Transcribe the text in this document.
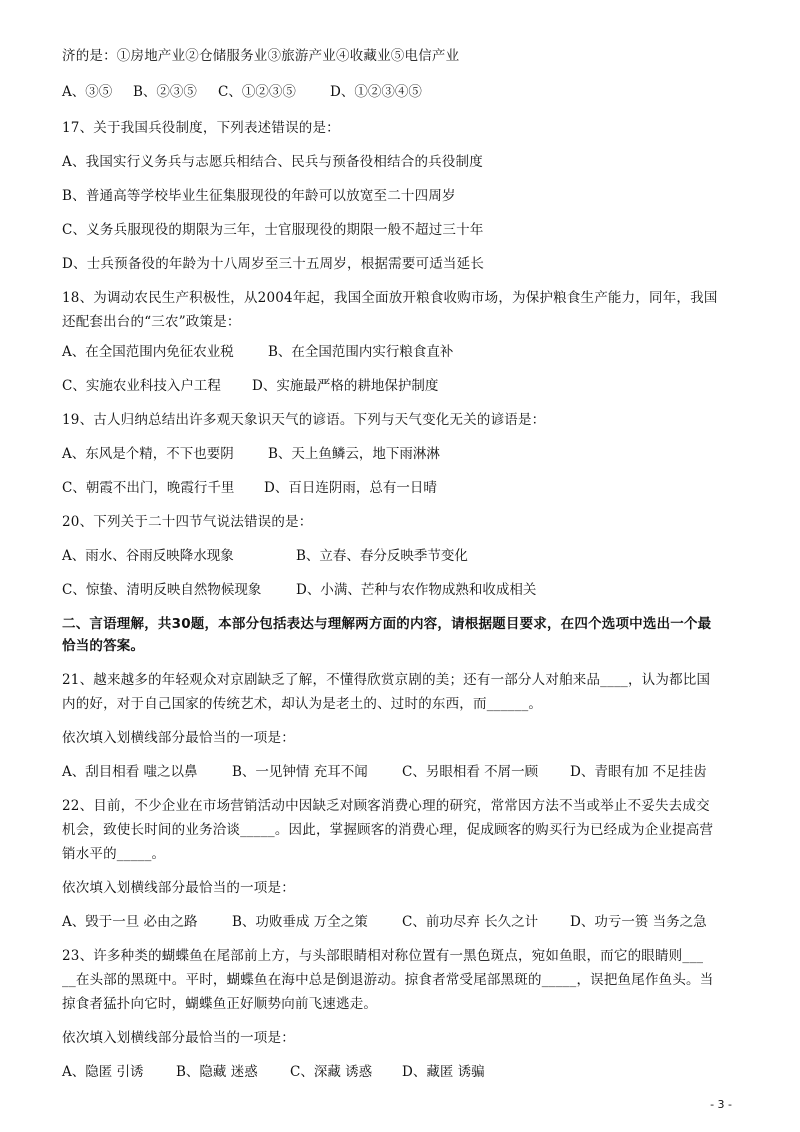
济的是：①房地产业②仓储服务业③旅游产业④收藏业⑤电信产业
A、③⑤ B、②③⑤ C、①②③⑤	D、①②③④⑤
17、关于我国兵役制度，下列表述错误的是：
A、我国实行义务兵与志愿兵相结合、民兵与预备役相结合的兵役制度
B、普通高等学校毕业生征集服现役的年龄可以放宽至二十四周岁
C、义务兵服现役的期限为三年，士官服现役的期限一般不超过三十年
D、士兵预备役的年龄为十八周岁至三十五周岁，根据需要可适当延长
18、为调动农民生产积极性，从2004年起，我国全面放开粮食收购市场，为保护粮食生产能力，同年，我国
还配套出台的“三农”政策是：
A、在全国范围内免征农业税	B、在全国范围内实行粮食直补
C、实施农业科技入户工程 D、实施最严格的耕地保护制度
19、古人归纳总结出许多观天象识天气的谚语。下列与天气变化无关的谚语是：
A、东风是个精，不下也要阴	B、天上鱼鳞云，地下雨淋淋
C、朝霞不出门，晚霞行千里 D、百日连阴雨，总有一日晴
20、下列关于二十四节气说法错误的是：
A、雨水、谷雨反映降水现象	B、立春、春分反映季节变化
C、惊蛰、清明反映自然物候现象	D、小满、芒种与农作物成熟和收成相关
二、言语理解，共30题，本部分包括表达与理解两方面的内容，请根据题目要求，在四个选项中选出一个最
恰当的答案。
21、越来越多的年轻观众对京剧缺乏了解，不懂得欣赏京剧的美；还有一部分人对舶来品____，认为都比国
内的好，对于自己国家的传统艺术，却认为是老土的、过时的东西，而______。
依次填入划横线部分最恰当的一项是：
A、刮目相看 嗤之以鼻	B、一见钟情 充耳不闻	C、另眼相看 不屑一顾 D、青眼有加 不足挂齿
22、目前，不少企业在市场营销活动中因缺乏对顾客消费心理的研究，常常因方法不当或举止不妥失去成交
机会，致使长时间的业务洽谈_____。因此，掌握顾客的消费心理，促成顾客的购买行为已经成为企业提高营
销水平的_____。
依次填入划横线部分最恰当的一项是：
A、毁于一旦 必由之路	B、功败垂成 万全之策	C、前功尽弃 长久之计 D、功亏一篑 当务之急
23、许多种类的蝴蝶鱼在尾部前上方，与头部眼睛相对称位置有一黑色斑点，宛如鱼眼，而它的眼睛则___
__在头部的黑斑中。平时，蝴蝶鱼在海中总是倒退游动。掠食者常受尾部黑斑的_____，误把鱼尾作鱼头。当
掠食者猛扑向它时，蝴蝶鱼正好顺势向前飞速逃走。
依次填入划横线部分最恰当的一项是：
A、隐匿 引诱 B、隐藏 迷惑 C、深藏 诱惑 D、藏匿 诱骗
- 3 -
